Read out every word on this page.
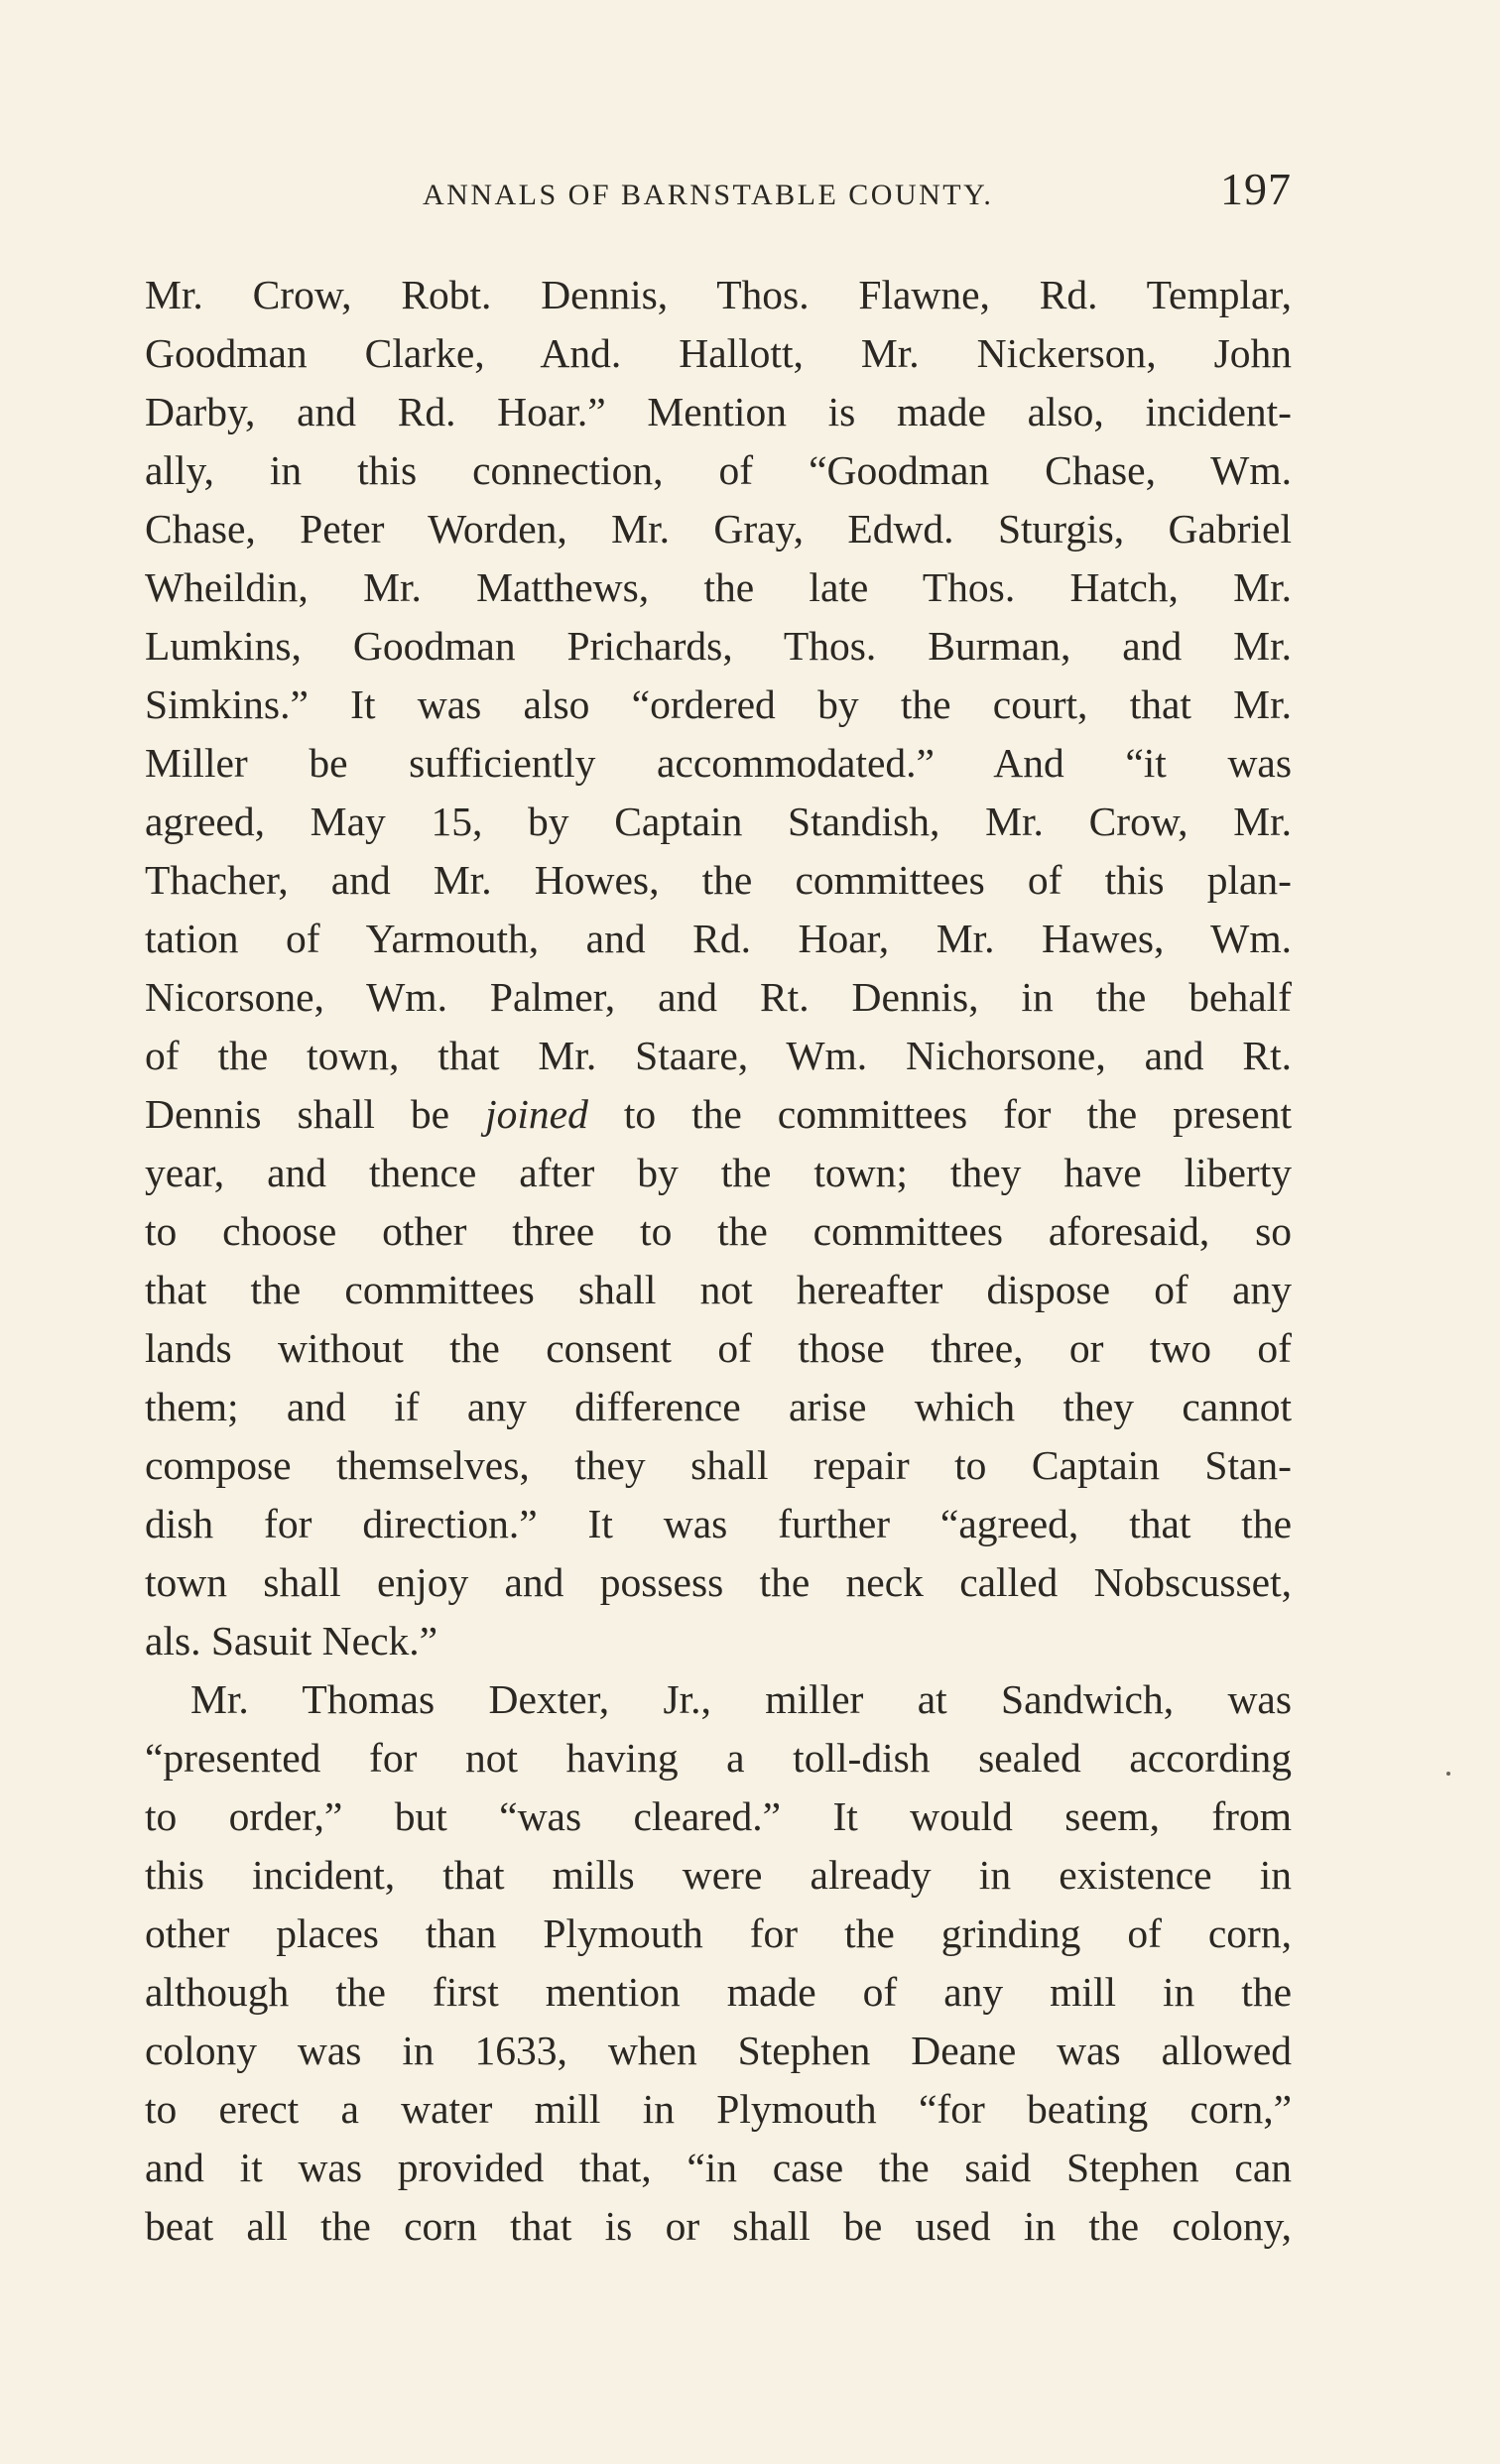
ANNALS OF BARNSTABLE COUNTY.	197
Mr. Crow, Robt. Dennis, Thos. Flawne, Rd. Templar,
Goodman Clarke, And. Hallott, Mr. Nickerson, John
Darby, and Rd. Hoar.” Mention is made also, incident-
ally, in this connection, of “Goodman Chase, Wm.
Chase, Peter Worden, Mr. Gray, Edwd. Sturgis, Gabriel
Wheildin, Mr. Matthews, the late Thos. Hatch, Mr.
Lumkins, Goodman Prichards, Thos. Burman, and Mr.
Simkins.” It was also “ordered by the court, that Mr.
Miller be sufficiently accommodated.” And “it was
agreed, May 15, by Captain Standish, Mr. Crow, Mr.
Thacher, and Mr. Howes, the committees of this plan-
tation of Yarmouth, and Rd. Hoar, Mr. Hawes, Wm.
Nicorsone, Wm. Palmer, and Rt. Dennis, in the behalf
of the town, that Mr. Staare, Wm. Nichorsone, and Rt.
Dennis shall be joined to the committees for the present
year, and thence after by the town; they have liberty
to choose other three to the committees aforesaid, so
that the committees shall not hereafter dispose of any
lands without the consent of those three, or two of
them; and if any difference arise which they cannot
compose themselves, they shall repair to Captain Stan-
dish for direction.” It was further “agreed, that the
town shall enjoy and possess the neck called Nobscusset,
als. Sasuit Neck.”
Mr. Thomas Dexter, Jr., miller at Sandwich, was
“presented for not having a toll-dish sealed according
to order,” but “was cleared.” It would seem, from
this incident, that mills were already in existence in
other places than Plymouth for the grinding of corn,
although the first mention made of any mill in the
colony was in 1633, when Stephen Deane was allowed
to erect a water mill in Plymouth “for beating corn,”
and it was provided that, “in case the said Stephen can
beat all the corn that is or shall be used in the colony,
